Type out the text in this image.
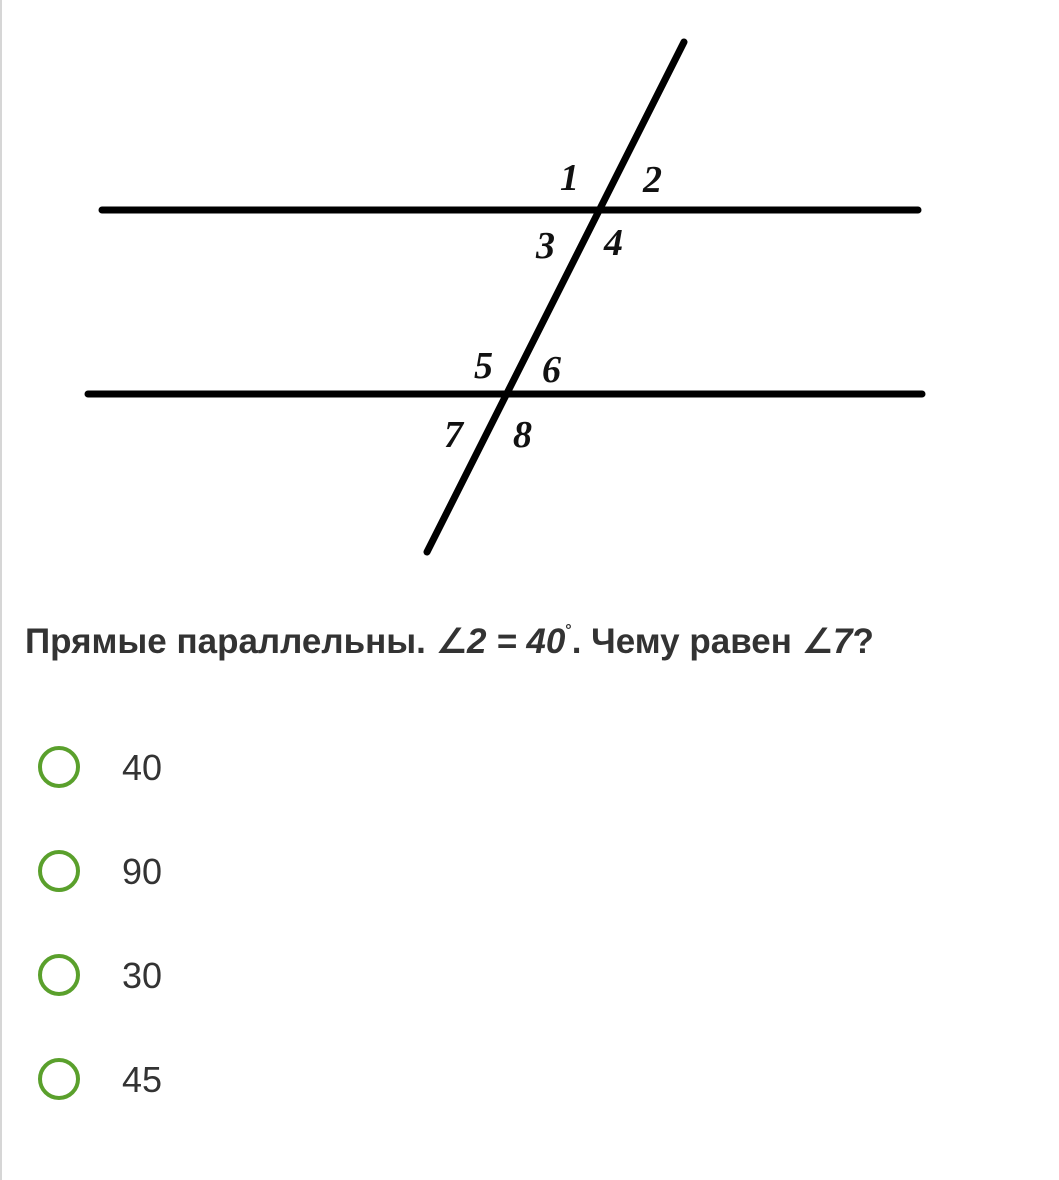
1 2
3 4
5 6
7 8
Прямые параллельны. ∠2 = 40°. Чему равен ∠7?
40
90
30
45
